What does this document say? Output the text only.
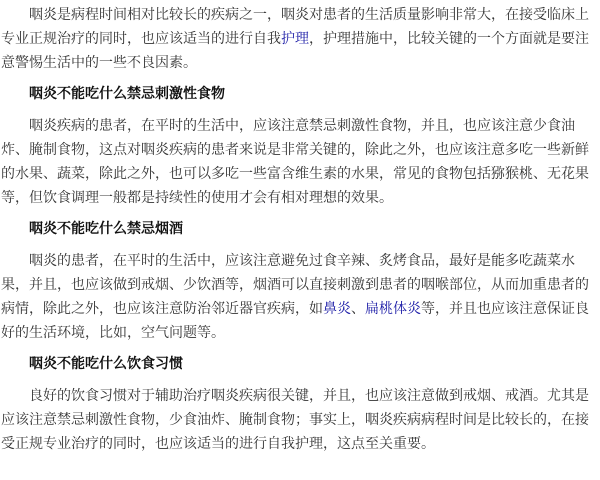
咽炎是病程时间相对比较长的疾病之一，咽炎对患者的生活质量影响非常大，在接受临床上专业正规治疗的同时，也应该适当的进行自我护理，护理措施中，比较关键的一个方面就是要注意警惕生活中的一些不良因素。

咽炎不能吃什么禁忌刺激性食物

咽炎疾病的患者，在平时的生活中，应该注意禁忌刺激性食物，并且，也应该注意少食油炸、腌制食物，这点对咽炎疾病的患者来说是非常关键的，除此之外，也应该注意多吃一些新鲜的水果、蔬菜，除此之外，也可以多吃一些富含维生素的水果，常见的食物包括猕猴桃、无花果等，但饮食调理一般都是持续性的使用才会有相对理想的效果。

咽炎不能吃什么禁忌烟酒

咽炎的患者，在平时的生活中，应该注意避免过食辛辣、炙烤食品，最好是能多吃蔬菜水果，并且，也应该做到戒烟、少饮酒等，烟酒可以直接刺激到患者的咽喉部位，从而加重患者的病情，除此之外，也应该注意防治邻近器官疾病，如鼻炎、扁桃体炎等，并且也应该注意保证良好的生活环境，比如，空气问题等。

咽炎不能吃什么饮食习惯

良好的饮食习惯对于辅助治疗咽炎疾病很关键，并且，也应该注意做到戒烟、戒酒。尤其是应该注意禁忌刺激性食物，少食油炸、腌制食物；事实上，咽炎疾病病程时间是比较长的，在接受正规专业治疗的同时，也应该适当的进行自我护理，这点至关重要。
